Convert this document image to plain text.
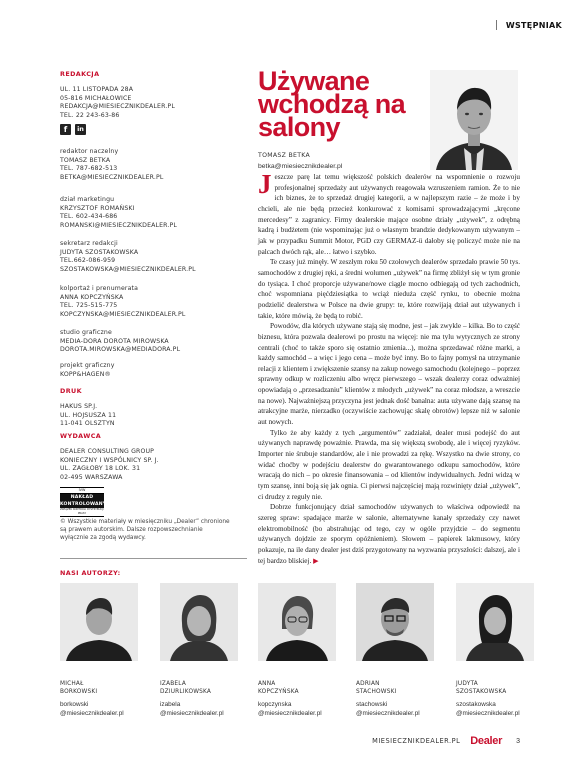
WSTĘPNIAK
REDAKCJA
UL. 11 LISTOPADA 28A
05-816 MICHAŁOWICE
REDAKCJA@MIESIECZNIKDEALER.PL
TEL. 22 243-63-86
f	in
redaktor naczelny
TOMASZ BETKA
TEL. 787-682-513
BETKA@MIESIECZNIKDEALER.PL
dział marketingu
KRZYSZTOF ROMAŃSKI
TEL. 602-434-686
ROMANSKI@MIESIECZNIKDEALER.PL
sekretarz redakcji
JUDYTA SZOSTAKOWSKA
TEL.662-086-959
SZOSTAKOWSKA@MIESIECZNIKDEALER.PL
kolportaż i prenumerata
ANNA KOPCZYŃSKA
TEL. 725-515-775
KOPCZYNSKA@MIESIECZNIKDEALER.PL
studio graficzne
MEDIA-DORA DOROTA MIROWSKA
DOROTA.MIROWSKA@MEDIADORA.PL
projekt graficzny
KOPP&HAGEN®
DRUK
HAKUS SP.J.
UL. HOJSUSZA 11
11-041 OLSZTYN
WYDAWCA
DEALER CONSULTING GROUP
KONIECZNY I WSPÓLNICY SP. J.
UL. ZAGŁOBY 18 LOK. 31
02-495 WARSZAWA
IVW
NAKŁAD KONTROLOWANY
ZWIĄZEK KONTROLI DYSTRYBUCJI PRASY
© Wszystkie materiały w miesięczniku „Dealer” chronione
są prawem autorskim. Dalsze rozpowszechnianie
wyłącznie za zgodą wydawcy.
Używane
wchodzą na
salony
TOMASZ BETKA
betka@miesiecznikdealer.pl

Jeszcze parę lat temu większość polskich dealerów na wspomnienie o rozwoju profesjonalnej sprzedaży aut używanych reagowała wzruszeniem ramion. Że to nie ich biznes, że to sprzedaż drugiej kategorii, a w najlepszym razie – że może i by chcieli, ale nie będą przecież konkurować z komisami sprowadzającymi „kręcone mercedesy” z zagranicy. Firmy dealerskie mające osobne działy „używek”, z odrębną kadrą i budżetem (nie wspominając już o własnym brandzie dedykowanym używanym – jak w przypadku Summit Motor, PGD czy GERMAZ-ü dałoby się policzyć może nie na palcach dwóch rąk, ale… łatwo i szybko.

Te czasy już minęły. W zeszłym roku 50 czołowych dealerów sprzedało prawie 50 tys. samochodów z drugiej ręki, a średni wolumen „używek” na firmę zbliżył się w tym gronie do tysiąca. I choć proporcje używane/nowe ciągle mocno odbiegają od tych zachodnich, choć wspomniana pięćdziesiątka to wciąż nieduża część rynku, to obecnie można podzielić dealerstwa w Polsce na dwie grupy: te, które rozwijają dział aut używanych i takie, które mówią, że będą to robić.

Powodów, dla których używane stają się modne, jest – jak zwykle – kilka. Bo to część biznesu, która pozwala dealerowi po prostu na więcej: nie ma tylu wytycznych ze strony centrali (choć to także sporo się ostatnio zmienia...), można sprzedawać różne marki, a każdy samochód – a więc i jego cena – może być inny. Bo to fajny pomysł na utrzymanie relacji z klientem i zwiększenie szansy na zakup nowego samochodu (kolejnego – poprzez sprawny odkup w rozliczeniu albo wręcz pierwszego – wszak dealerzy coraz odważniej opowiadają o „przesadzaniu” klientów z młodych „używek” na coraz młodsze, a wreszcie na nowe). Najważniejszą przyczyna jest jednak dość banalna: auta używane dają szansę na atrakcyjne marże, nierzadko (oczywiście zachowując skalę obrotów) lepsze niż w salonie aut nowych.

Tylko że aby każdy z tych „argumentów” zadziałał, dealer musi podejść do aut używanych naprawdę poważnie. Prawda, ma się większą swobodę, ale i więcej ryzyków. Importer nie śrubuje standardów, ale i nie prowadzi za rękę. Wszystko na dwie strony, co widać choćby w podejściu dealerstw do gwarantowanego odkupu samochodów, które wracają do nich – po okresie finansowania – od klientów indywidualnych. Jedni widzą w tym szansę, inni boją się jak ognia. Ci pierwsi najczęściej mają rozwinięty dział „używek”, ci drudzy z reguły nie.

Dobrze funkcjonujący dział samochodów używanych to właściwa odpowiedź na szereg spraw: spadające marże w salonie, alternatywne kanały sprzedaży czy nawet elektromobilność (bo abstrahując od tego, czy w ogóle przyjdzie – do segmentu używanych dojdzie ze sporym opóźnieniem). Słowem – papierek lakmusowy, który pokazuje, na ile dany dealer jest dziś przygotowany na wyzwania przyszłości: dalszej, ale i tej bardzo bliskiej. ▶

NASI AUTORZY:
MICHAŁ
BORKOWSKI
borkowski
@miesiecznikdealer.pl
IZABELA
DZIURLIKOWSKA
izabela
@miesiecznikdealer.pl
ANNA
KOPCZYŃSKA
kopczynska
@miesiecznikdealer.pl
ADRIAN
STACHOWSKI
stachowski
@miesiecznikdealer.pl
JUDYTA
SZOSTAKOWSKA
szostakowska
@miesiecznikdealer.pl
MIESIECZNIKDEALER.PL Dealer 3
